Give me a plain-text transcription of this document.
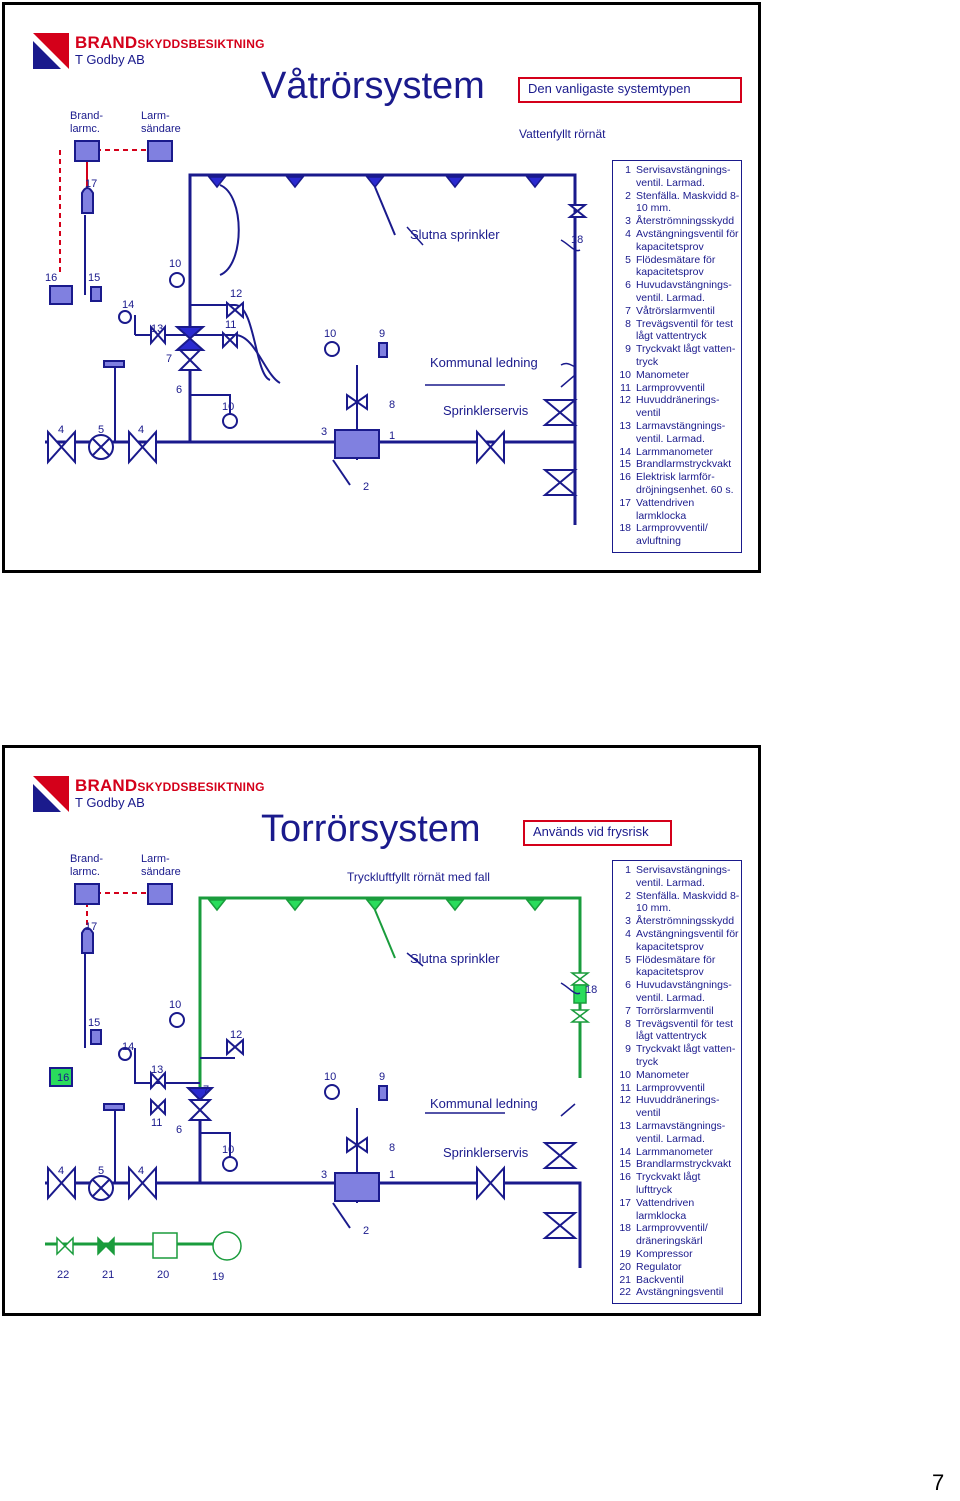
BRANDSKYDDSBESIKTNING
T Godby AB
Våtrörsystem	Den vanligaste systemtypen
Vattenfyllt rörnät
16	15
17
14
13
10
7
6
12
11
10
10	9
8
1
3
2
18
4	5	4
Brand-
larmc.
Larm-
sändare
Slutna sprinkler
Kommunal ledning
Sprinklerservis
1 Servisavstängnings-
ventil. Larmad.
2 Stenfälla. Maskvidd 8-
10 mm.
3 Återströmningsskydd
4 Avstängningsventil för
kapacitetsprov
5 Flödesmätare för
kapacitetsprov
6 Huvudavstängnings-
ventil. Larmad.
7 Våtrörslarmventil
8 Trevägsventil för test
lågt vattentryck
9 Tryckvakt lågt vatten-
tryck
10 Manometer
11 Larmprovventil
12 Huvuddränerings-
ventil
13 Larmavstängnings-
ventil. Larmad.
14 Larmmanometer
15 Brandlarmstryckvakt
16 Elektrisk larmför-
dröjningsenhet. 60 s.
17 Vattendriven
larmklocka
18 Larmprovventil/
avluftning
BRANDSKYDDSBESIKTNING
T Godby AB
Torrörsystem	Används vid frysrisk
Tryckluftfyllt rörnät med fall
16
15
17
14
13
10
11
7
6
12
10
10	9
8
1
3
2
18
4	5	4
22	21	20	19
Brand-
larmc.
Larm-
sändare
Slutna sprinkler
Kommunal ledning
Sprinklerservis
1 Servisavstängnings-
ventil. Larmad.
2 Stenfälla. Maskvidd 8-
10 mm.
3 Återströmningsskydd
4 Avstängningsventil för
kapacitetsprov
5 Flödesmätare för
kapacitetsprov
6 Huvudavstängnings-
ventil. Larmad.
7 Torrörslarmventil
8 Trevägsventil för test
lågt vattentryck
9 Tryckvakt lågt vatten-
tryck
10 Manometer
11 Larmprovventil
12 Huvuddränerings-
ventil
13 Larmavstängnings-
ventil. Larmad.
14 Larmmanometer
15 Brandlarmstryckvakt
16 Tryckvakt lågt
lufttryck
17 Vattendriven
larmklocka
18 Larmprovventil/
dräneringskärl
19 Kompressor
20 Regulator
21 Backventil
22 Avstängningsventil
7
